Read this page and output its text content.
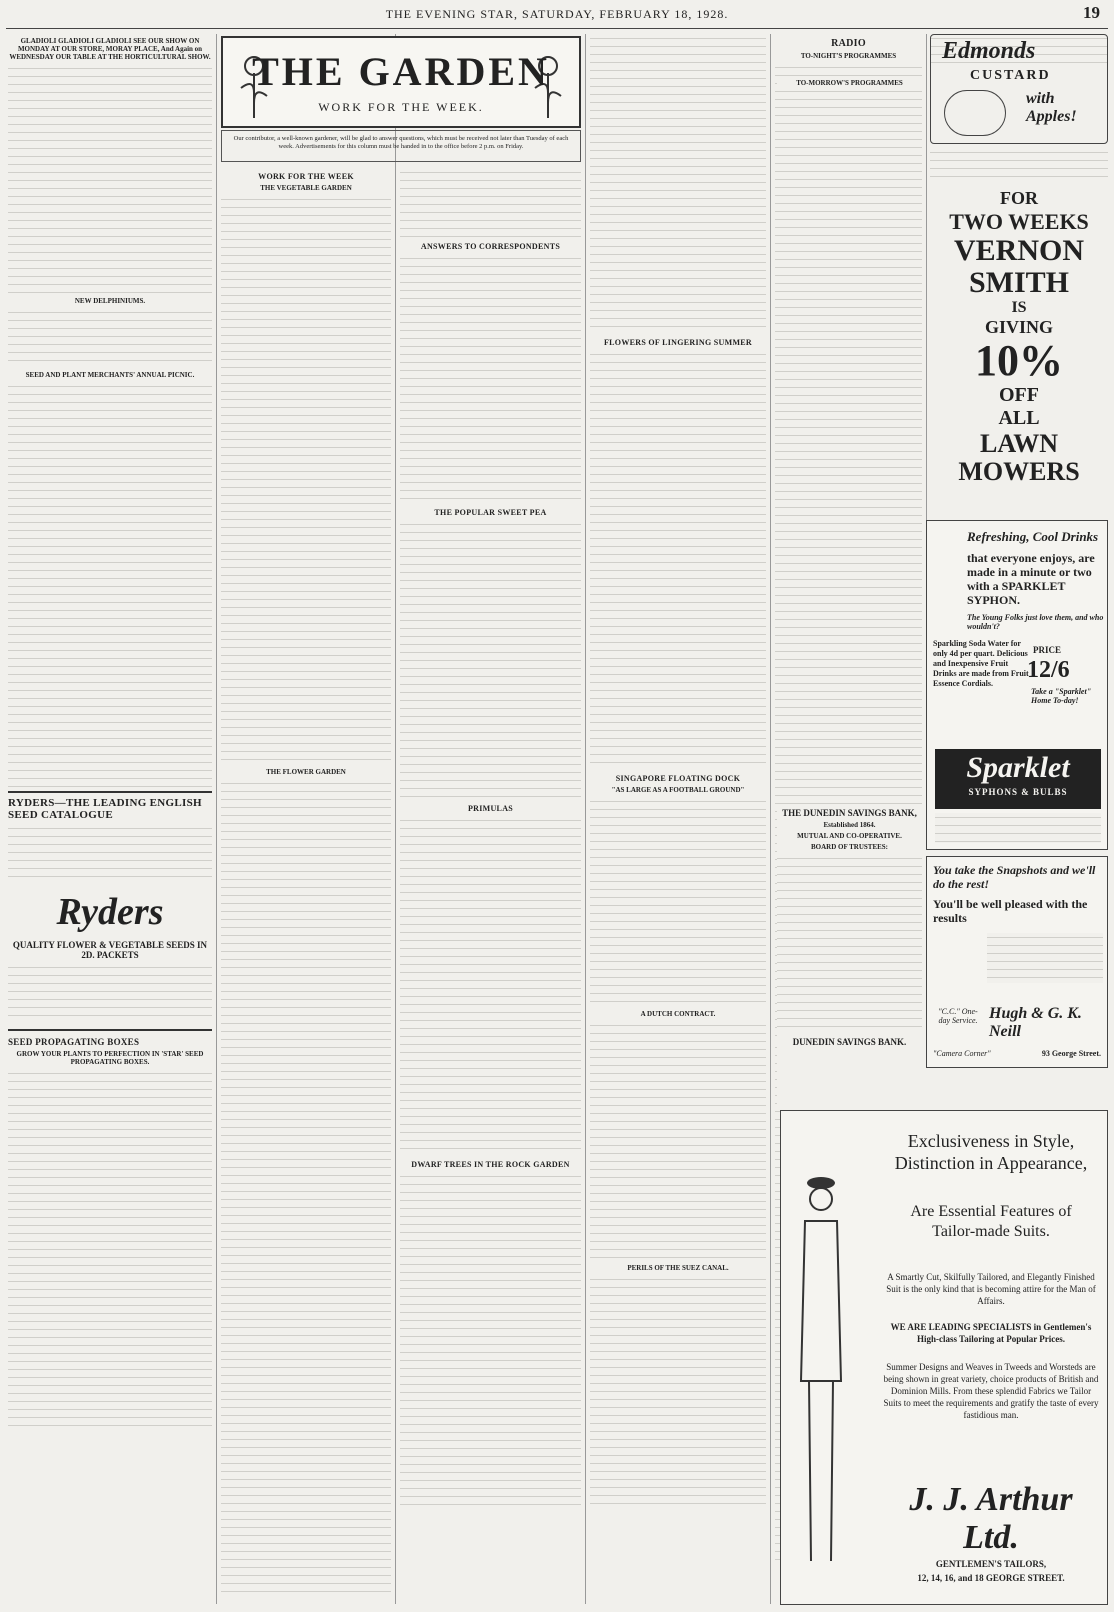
THE EVENING STAR, SATURDAY, FEBRUARY 18, 1928.	19
GLADIOLI GLADIOLI GLADIOLI SEE OUR SHOW ON MONDAY AT OUR STORE, MORAY PLACE, And Again on WEDNESDAY OUR TABLE AT THE HORTICULTURAL SHOW.
NEW DELPHINIUMS.
SEED AND PLANT MERCHANTS' ANNUAL PICNIC.
RYDERS—THE LEADING ENGLISH SEED CATALOGUE
Ryders
QUALITY FLOWER & VEGETABLE SEEDS IN 2D. PACKETS
SEED PROPAGATING BOXES
GROW YOUR PLANTS TO PERFECTION IN 'STAR' SEED PROPAGATING BOXES.
THE GARDEN
WORK FOR THE WEEK.
Our contributor, a well-known gardener, will be glad to answer questions, which must be received not later than Tuesday of each week. Advertisements for this column must be handed in to the office before 2 p.m. on Friday.
WORK FOR THE WEEK
THE VEGETABLE GARDEN
THE FLOWER GARDEN
ANSWERS TO CORRESPONDENTS
THE POPULAR SWEET PEA
PRIMULAS
DWARF TREES IN THE ROCK GARDEN
FLOWERS OF LINGERING SUMMER
SINGAPORE FLOATING DOCK
"AS LARGE AS A FOOTBALL GROUND"
A DUTCH CONTRACT.
PERILS OF THE SUEZ CANAL.
RADIO
TO-NIGHT'S PROGRAMMES
TO-MORROW'S PROGRAMMES
THE DUNEDIN SAVINGS BANK,
Established 1864.
MUTUAL AND CO-OPERATIVE.
BOARD OF TRUSTEES:
DUNEDIN SAVINGS BANK.
Edmonds
CUSTARD
with Apples!
FOR
TWO WEEKS
VERNON
SMITH
IS
GIVING
10%
OFF
ALL
LAWN
MOWERS
Refreshing, Cool Drinks
that everyone enjoys, are made in a minute or two with a SPARKLET SYPHON.
The Young Folks just love them, and who wouldn't?
Sparkling Soda Water for only 4d per quart. Delicious and Inexpensive Fruit Drinks are made from Fruit Essence Cordials.
PRICE
12/6
Take a "Sparklet" Home To-day!
Sparklet
SYPHONS & BULBS
You take the Snapshots and we'll do the rest!
You'll be well pleased with the results
"C.C." One-day Service. Hugh & G. K. Neill
"Camera Corner"	93 George Street.
Exclusiveness in Style,
Distinction in Appearance,
Are Essential Features of
Tailor-made Suits.
A Smartly Cut, Skilfully Tailored, and Elegantly Finished Suit is the only kind that is becoming attire for the Man of Affairs.
WE ARE LEADING SPECIALISTS in Gentlemen's High-class Tailoring at Popular Prices.
Summer Designs and Weaves in Tweeds and Worsteds are being shown in great variety, choice products of British and Dominion Mills. From these splendid Fabrics we Tailor Suits to meet the requirements and gratify the taste of every fastidious man.
J. J. Arthur Ltd.
GENTLEMEN'S TAILORS,
12, 14, 16, and 18 GEORGE STREET.
